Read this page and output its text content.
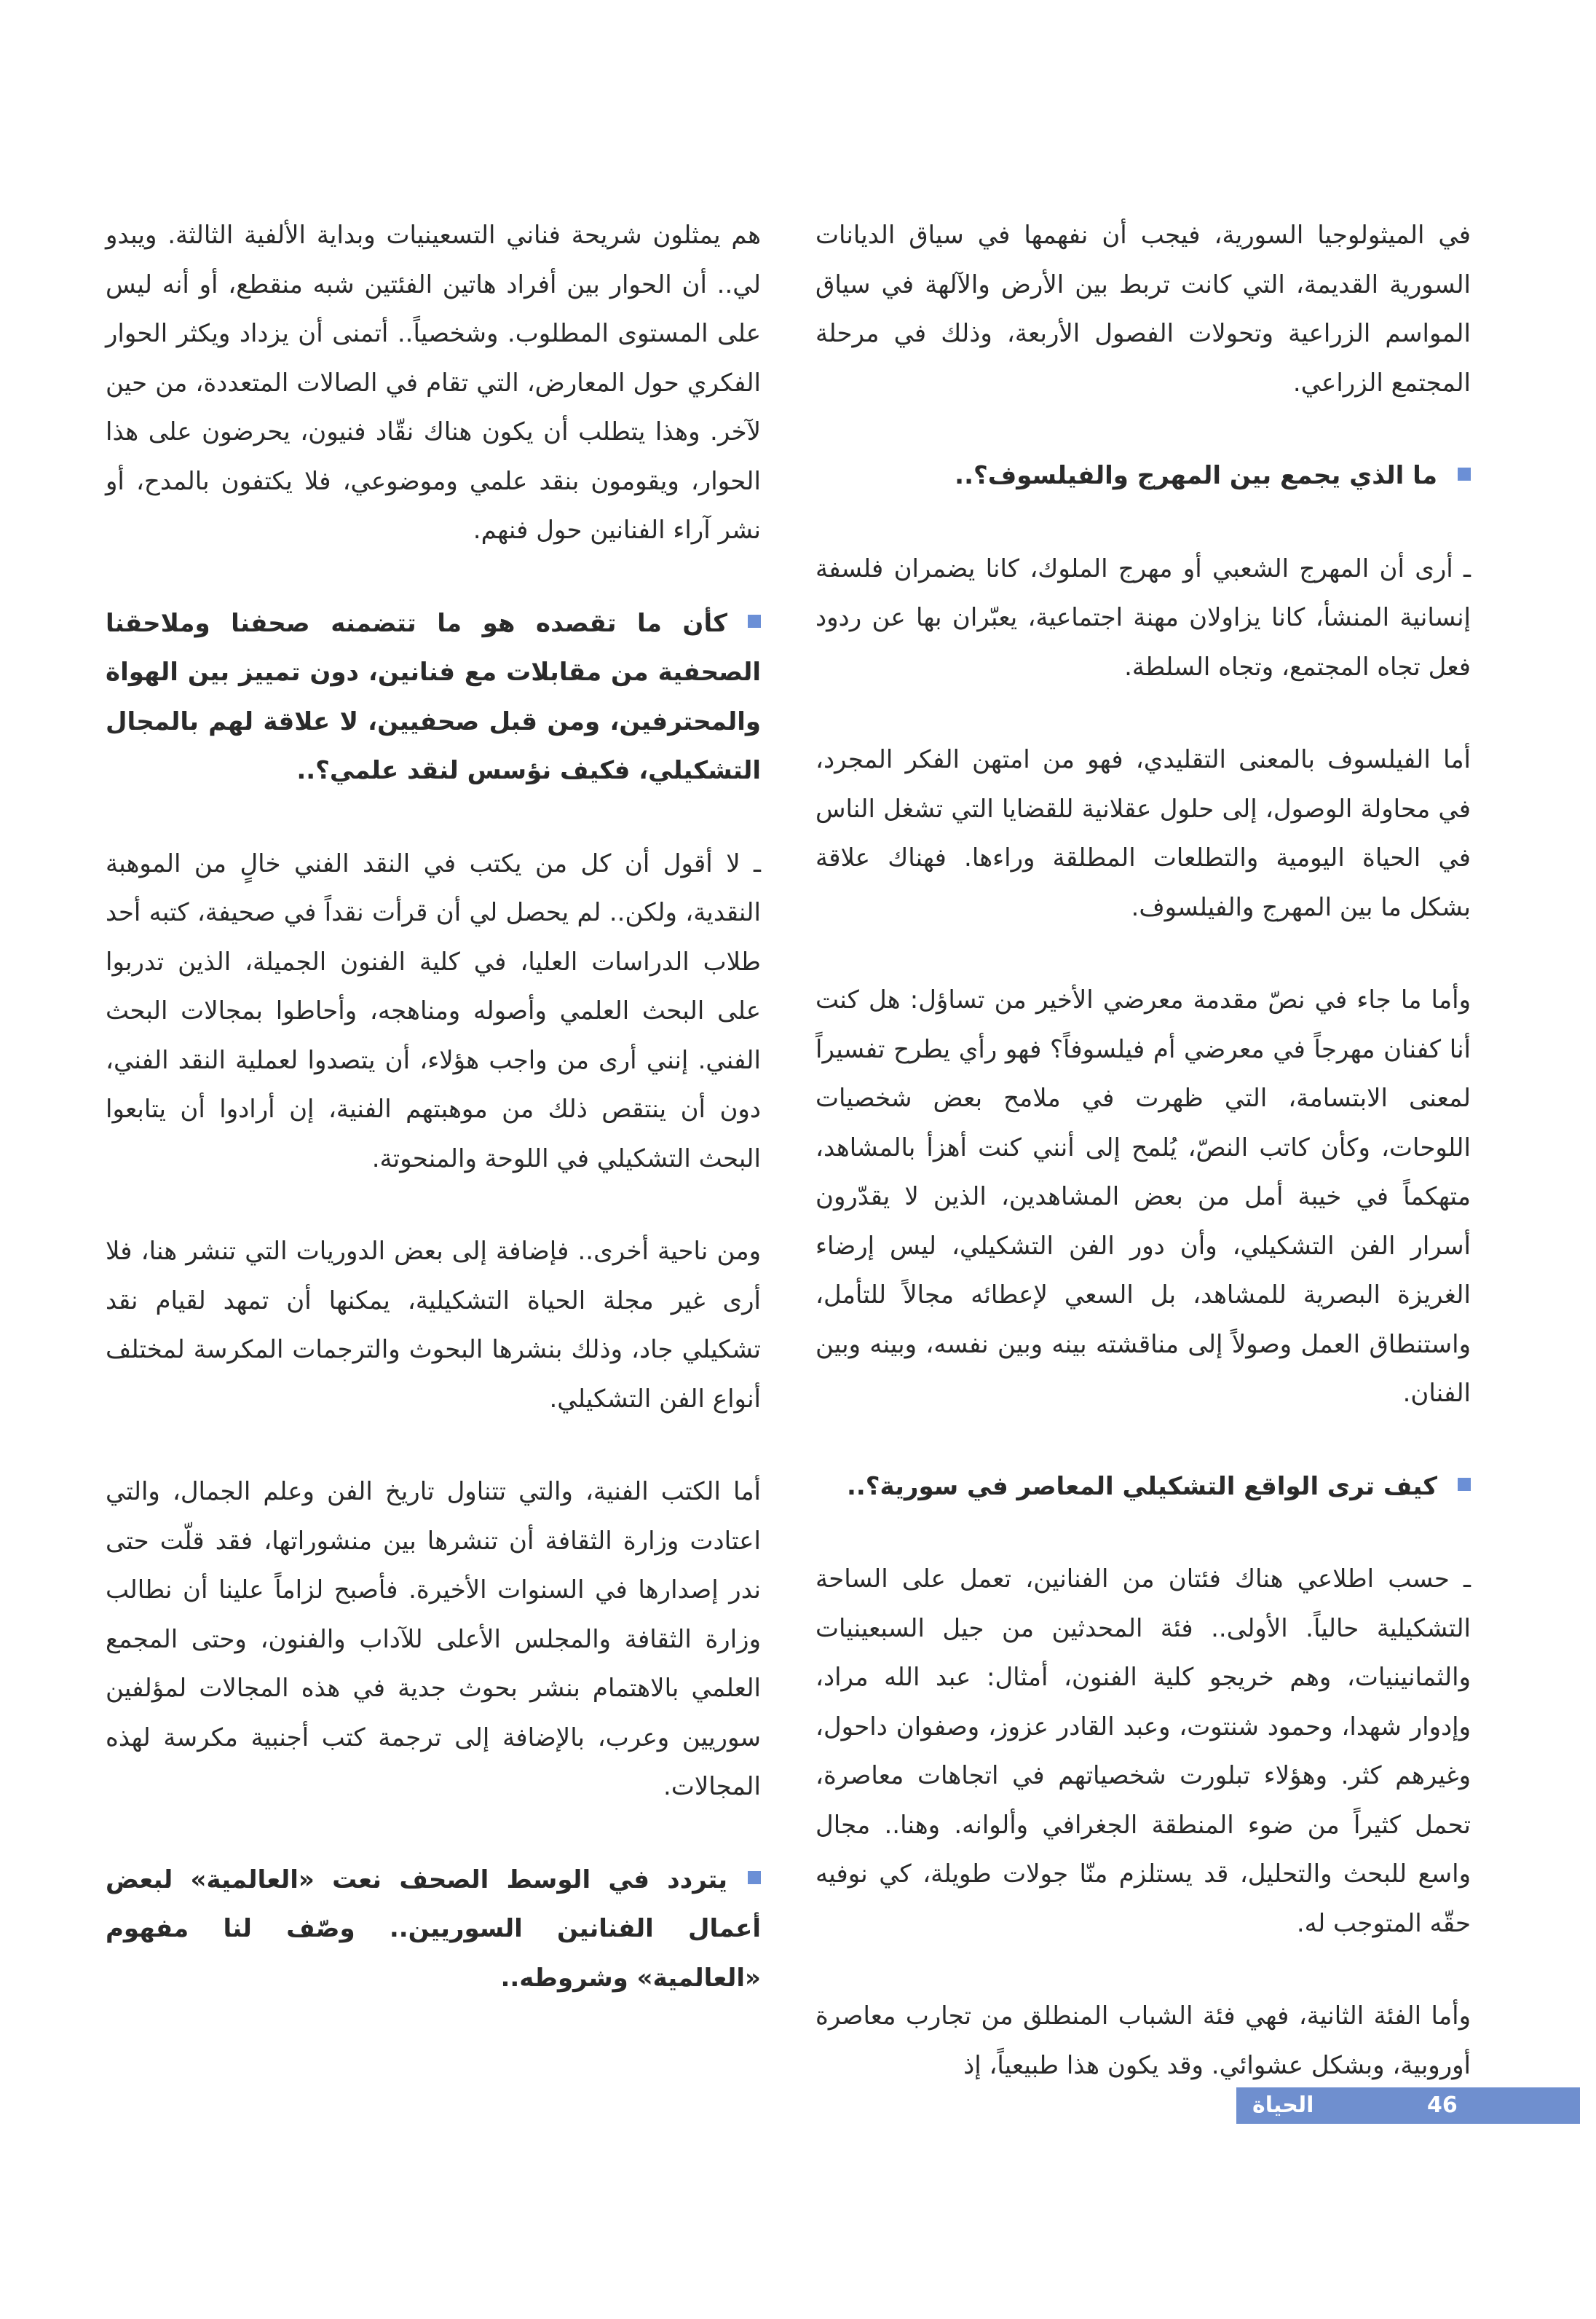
في الميثولوجيا السورية، فيجب أن نفهمها في سياق الديانات السورية القديمة، التي كانت تربط بين الأرض والآلهة في سياق المواسم الزراعية وتحولات الفصول الأربعة، وذلك في مرحلة المجتمع الزراعي.

ما الذي يجمع بين المهرج والفيلسوف؟..

ـ أرى أن المهرج الشعبي أو مهرج الملوك، كانا يضمران فلسفة إنسانية المنشأ، كانا يزاولان مهنة اجتماعية، يعبّران بها عن ردود فعل تجاه المجتمع، وتجاه السلطة.

أما الفيلسوف بالمعنى التقليدي، فهو من امتهن الفكر المجرد، في محاولة الوصول، إلى حلول عقلانية للقضايا التي تشغل الناس في الحياة اليومية والتطلعات المطلقة وراءها. فهناك علاقة بشكل ما بين المهرج والفيلسوف.

وأما ما جاء في نصّ مقدمة معرضي الأخير من تساؤل: هل كنت أنا كفنان مهرجاً في معرضي أم فيلسوفاً؟ فهو رأي يطرح تفسيراً لمعنى الابتسامة، التي ظهرت في ملامح بعض شخصيات اللوحات، وكأن كاتب النصّ، يُلمح إلى أنني كنت أهزأ بالمشاهد، متهكماً في خيبة أمل من بعض المشاهدين، الذين لا يقدّرون أسرار الفن التشكيلي، وأن دور الفن التشكيلي، ليس إرضاء الغريزة البصرية للمشاهد، بل السعي لإعطائه مجالاً للتأمل، واستنطاق العمل وصولاً إلى مناقشته بينه وبين نفسه، وبينه وبين الفنان.

كيف ترى الواقع التشكيلي المعاصر في سورية؟..

ـ حسب اطلاعي هناك فئتان من الفنانين، تعمل على الساحة التشكيلية حالياً. الأولى.. فئة المحدثين من جيل السبعينيات والثمانينيات، وهم خريجو كلية الفنون، أمثال: عبد الله مراد، وإدوار شهدا، وحمود شنتوت، وعبد القادر عزوز، وصفوان داحول، وغيرهم كثر. وهؤلاء تبلورت شخصياتهم في اتجاهات معاصرة، تحمل كثيراً من ضوء المنطقة الجغرافي وألوانه. وهنا.. مجال واسع للبحث والتحليل، قد يستلزم منّا جولات طويلة، كي نوفيه حقّه المتوجب له.

وأما الفئة الثانية، فهي فئة الشباب المنطلق من تجارب معاصرة أوروبية، وبشكل عشوائي. وقد يكون هذا طبيعياً، إذ

هم يمثلون شريحة فناني التسعينيات وبداية الألفية الثالثة. ويبدو لي.. أن الحوار بين أفراد هاتين الفئتين شبه منقطع، أو أنه ليس على المستوى المطلوب. وشخصياً.. أتمنى أن يزداد ويكثر الحوار الفكري حول المعارض، التي تقام في الصالات المتعددة، من حين لآخر. وهذا يتطلب أن يكون هناك نقّاد فنيون، يحرضون على هذا الحوار، ويقومون بنقد علمي وموضوعي، فلا يكتفون بالمدح، أو نشر آراء الفنانين حول فنهم.

كأن ما تقصده هو ما تتضمنه صحفنا وملاحقنا الصحفية من مقابلات مع فنانين، دون تمييز بين الهواة والمحترفين، ومن قبل صحفيين، لا علاقة لهم بالمجال التشكيلي، فكيف نؤسس لنقد علمي؟..

ـ لا أقول أن كل من يكتب في النقد الفني خالٍ من الموهبة النقدية، ولكن.. لم يحصل لي أن قرأت نقداً في صحيفة، كتبه أحد طلاب الدراسات العليا، في كلية الفنون الجميلة، الذين تدربوا على البحث العلمي وأصوله ومناهجه، وأحاطوا بمجالات البحث الفني. إنني أرى من واجب هؤلاء، أن يتصدوا لعملية النقد الفني، دون أن ينتقص ذلك من موهبتهم الفنية، إن أرادوا أن يتابعوا البحث التشكيلي في اللوحة والمنحوتة.

ومن ناحية أخرى.. فإضافة إلى بعض الدوريات التي تنشر هنا، فلا أرى غير مجلة الحياة التشكيلية، يمكنها أن تمهد لقيام نقد تشكيلي جاد، وذلك بنشرها البحوث والترجمات المكرسة لمختلف أنواع الفن التشكيلي.

أما الكتب الفنية، والتي تتناول تاريخ الفن وعلم الجمال، والتي اعتادت وزارة الثقافة أن تنشرها بين منشوراتها، فقد قلّت حتى ندر إصدارها في السنوات الأخيرة. فأصبح لزاماً علينا أن نطالب وزارة الثقافة والمجلس الأعلى للآداب والفنون، وحتى المجمع العلمي بالاهتمام بنشر بحوث جدية في هذه المجالات لمؤلفين سوريين وعرب، بالإضافة إلى ترجمة كتب أجنبية مكرسة لهذه المجالات.

يتردد في الوسط الصحف نعت «العالمية» لبعض أعمال الفنانين السوريين.. وصّف لنا مفهوم «العالمية» وشروطه..

الحياة التشكيلية
46
